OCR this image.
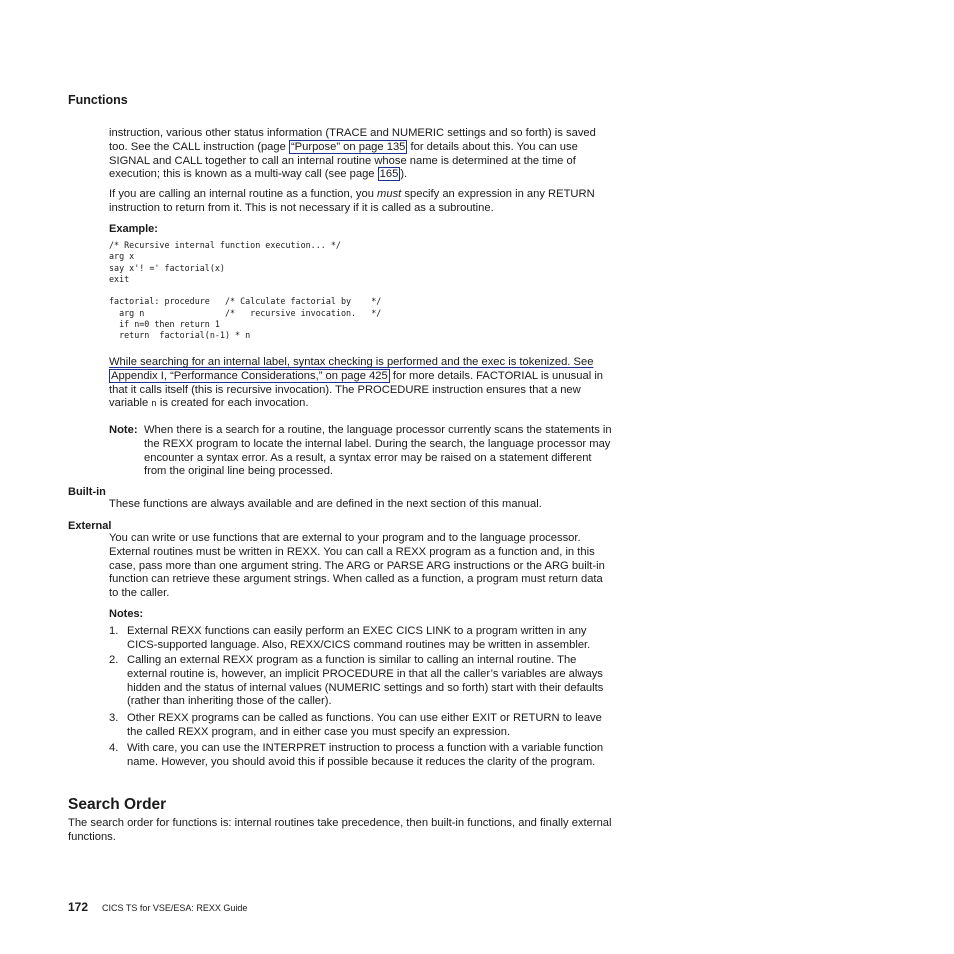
Functions
instruction, various other status information (TRACE and NUMERIC settings and so forth) is saved too. See the CALL instruction (page “Purpose” on page 135 for details about this. You can use SIGNAL and CALL together to call an internal routine whose name is determined at the time of execution; this is known as a multi-way call (see page 165 ).
If you are calling an internal routine as a function, you must specify an expression in any RETURN instruction to return from it. This is not necessary if it is called as a subroutine.
Example:
/* Recursive internal function execution... */
arg x
say x'! =' factorial(x)
exit

factorial: procedure   /* Calculate factorial by    */
arg n                /*   recursive invocation.   */
if n=0 then return 1
return  factorial(n-1) * n
While searching for an internal label, syntax checking is performed and the exec is tokenized. See Appendix I, “Performance Considerations,” on page 425 for more details. FACTORIAL is unusual in that it calls itself (this is recursive invocation). The PROCEDURE instruction ensures that a new variable n is created for each invocation.
Note: When there is a search for a routine, the language processor currently scans the statements in the REXX program to locate the internal label. During the search, the language processor may encounter a syntax error. As a result, a syntax error may be raised on a statement different from the original line being processed.
Built-in
These functions are always available and are defined in the next section of this manual.
External
You can write or use functions that are external to your program and to the language processor. External routines must be written in REXX. You can call a REXX program as a function and, in this case, pass more than one argument string. The ARG or PARSE ARG instructions or the ARG built-in function can retrieve these argument strings. When called as a function, a program must return data to the caller.
Notes:
1. External REXX functions can easily perform an EXEC CICS LINK to a program written in any CICS-supported language. Also, REXX/CICS command routines may be written in assembler.
2. Calling an external REXX program as a function is similar to calling an internal routine. The external routine is, however, an implicit PROCEDURE in that all the caller’s variables are always hidden and the status of internal values (NUMERIC settings and so forth) start with their defaults (rather than inheriting those of the caller).
3. Other REXX programs can be called as functions. You can use either EXIT or RETURN to leave the called REXX program, and in either case you must specify an expression.
4. With care, you can use the INTERPRET instruction to process a function with a variable function name. However, you should avoid this if possible because it reduces the clarity of the program.
Search Order
The search order for functions is: internal routines take precedence, then built-in functions, and finally external functions.
172 CICS TS for VSE/ESA: REXX Guide
